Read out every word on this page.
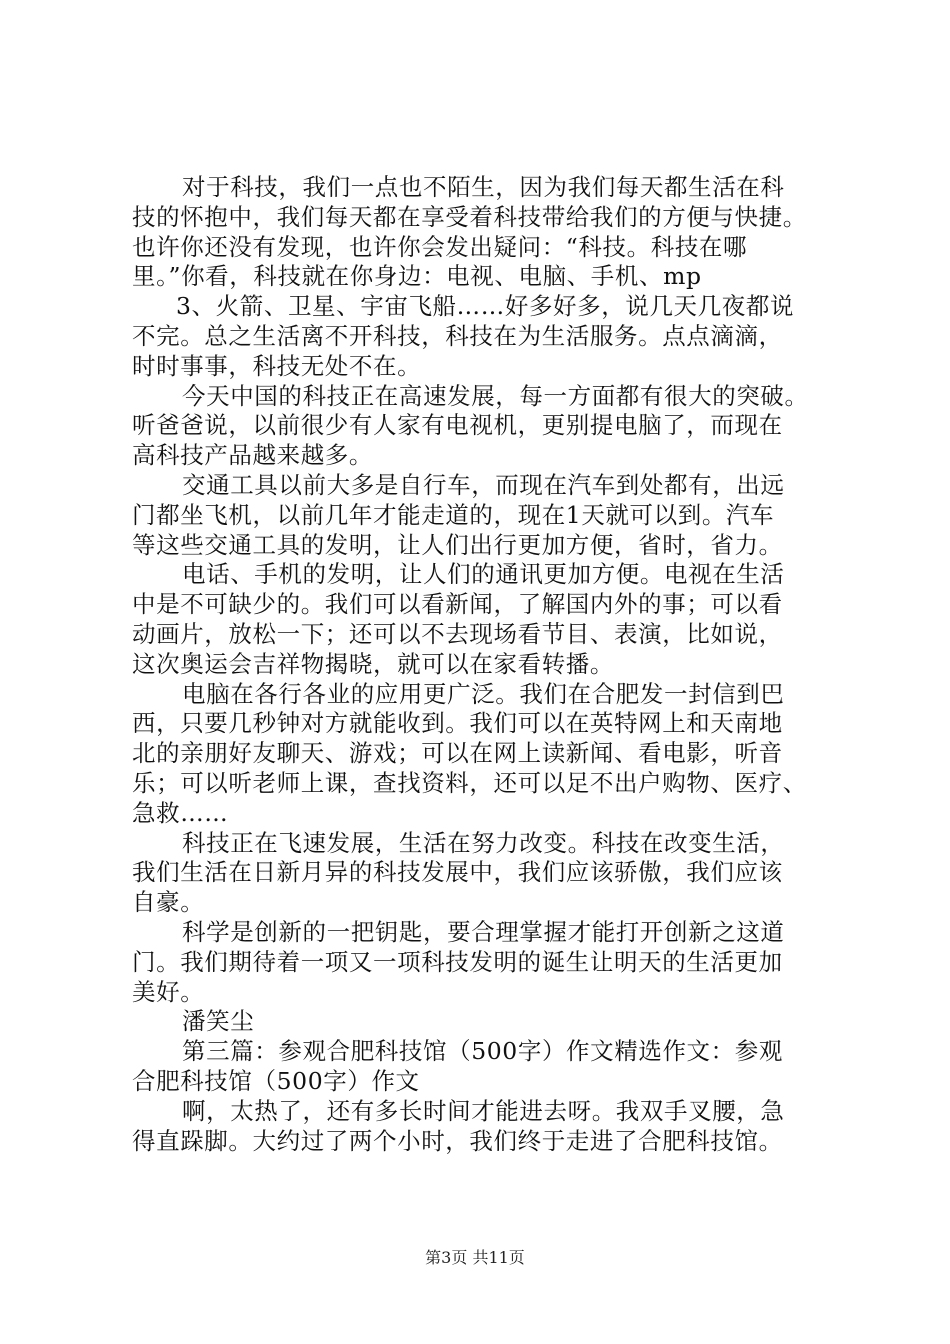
对于科技，我们一点也不陌生，因为我们每天都生活在科
技的怀抱中，我们每天都在享受着科技带给我们的方便与快捷。
也许你还没有发现，也许你会发出疑问：“科技。科技在哪
里。”你看，科技就在你身边：电视、电脑、手机、mp
3、火箭、卫星、宇宙飞船……好多好多，说几天几夜都说
不完。总之生活离不开科技，科技在为生活服务。点点滴滴，
时时事事，科技无处不在。
今天中国的科技正在高速发展，每一方面都有很大的突破。
听爸爸说，以前很少有人家有电视机，更别提电脑了，而现在
高科技产品越来越多。
交通工具以前大多是自行车，而现在汽车到处都有，出远
门都坐飞机，以前几年才能走道的，现在1天就可以到。汽车
等这些交通工具的发明，让人们出行更加方便，省时，省力。
电话、手机的发明，让人们的通讯更加方便。电视在生活
中是不可缺少的。我们可以看新闻，了解国内外的事；可以看
动画片，放松一下；还可以不去现场看节目、表演，比如说，
这次奥运会吉祥物揭晓，就可以在家看转播。
电脑在各行各业的应用更广泛。我们在合肥发一封信到巴
西，只要几秒钟对方就能收到。我们可以在英特网上和天南地
北的亲朋好友聊天、游戏；可以在网上读新闻、看电影，听音
乐；可以听老师上课，查找资料，还可以足不出户购物、医疗、
急救……
科技正在飞速发展，生活在努力改变。科技在改变生活，
我们生活在日新月异的科技发展中，我们应该骄傲，我们应该
自豪。
科学是创新的一把钥匙，要合理掌握才能打开创新之这道
门。我们期待着一项又一项科技发明的诞生让明天的生活更加
美好。
潘笑尘
第三篇：参观合肥科技馆（500字）作文精选作文：参观
合肥科技馆（500字）作文
啊，太热了，还有多长时间才能进去呀。我双手叉腰，急
得直跺脚。大约过了两个小时，我们终于走进了合肥科技馆。
第3页 共11页
